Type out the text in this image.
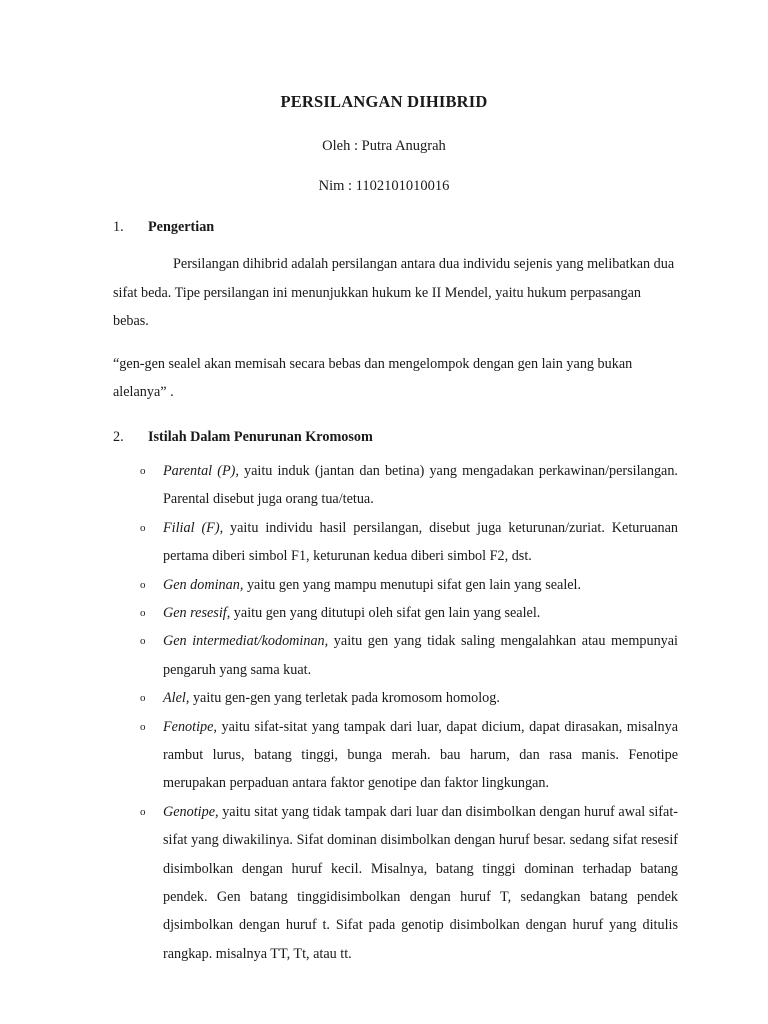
PERSILANGAN DIHIBRID

Oleh : Putra Anugrah

Nim : 1102101010016

1. Pengertian

Persilangan dihibrid adalah persilangan antara dua individu sejenis yang melibatkan dua sifat beda. Tipe persilangan ini menunjukkan hukum ke II Mendel, yaitu hukum perpasangan bebas.

“gen-gen sealel akan memisah secara bebas dan mengelompok dengan gen lain yang bukan alelanya” .

2. Istilah Dalam Penurunan Kromosom
o Parental (P), yaitu induk (jantan dan betina) yang mengadakan perkawinan/persilangan. Parental disebut juga orang tua/tetua.
o Filial (F), yaitu individu hasil persilangan, disebut juga keturunan/zuriat. Keturuanan pertama diberi simbol F1, keturunan kedua diberi simbol F2, dst.
o Gen dominan, yaitu gen yang mampu menutupi sifat gen lain yang sealel.
o Gen resesif, yaitu gen yang ditutupi oleh sifat gen lain yang sealel.
o Gen intermediat/kodominan, yaitu gen yang tidak saling mengalahkan atau mempunyai pengaruh yang sama kuat.
o Alel, yaitu gen-gen yang terletak pada kromosom homolog.
o Fenotipe, yaitu sifat-sitat yang tampak dari luar, dapat dicium, dapat dirasakan, misalnya rambut lurus, batang tinggi, bunga merah. bau harum, dan rasa manis. Fenotipe merupakan perpaduan antara faktor genotipe dan faktor lingkungan.
o Genotipe, yaitu sitat yang tidak tampak dari luar dan disimbolkan dengan huruf awal sifat-sifat yang diwakilinya. Sifat dominan disimbolkan dengan huruf besar. sedang sifat resesif disimbolkan dengan huruf kecil. Misalnya, batang tinggi dominan terhadap batang pendek. Gen batang tinggidisimbolkan dengan huruf T, sedangkan batang pendek djsimbolkan dengan huruf t. Sifat pada genotip disimbolkan dengan huruf yang ditulis rangkap. misalnya TT, Tt, atau tt.
